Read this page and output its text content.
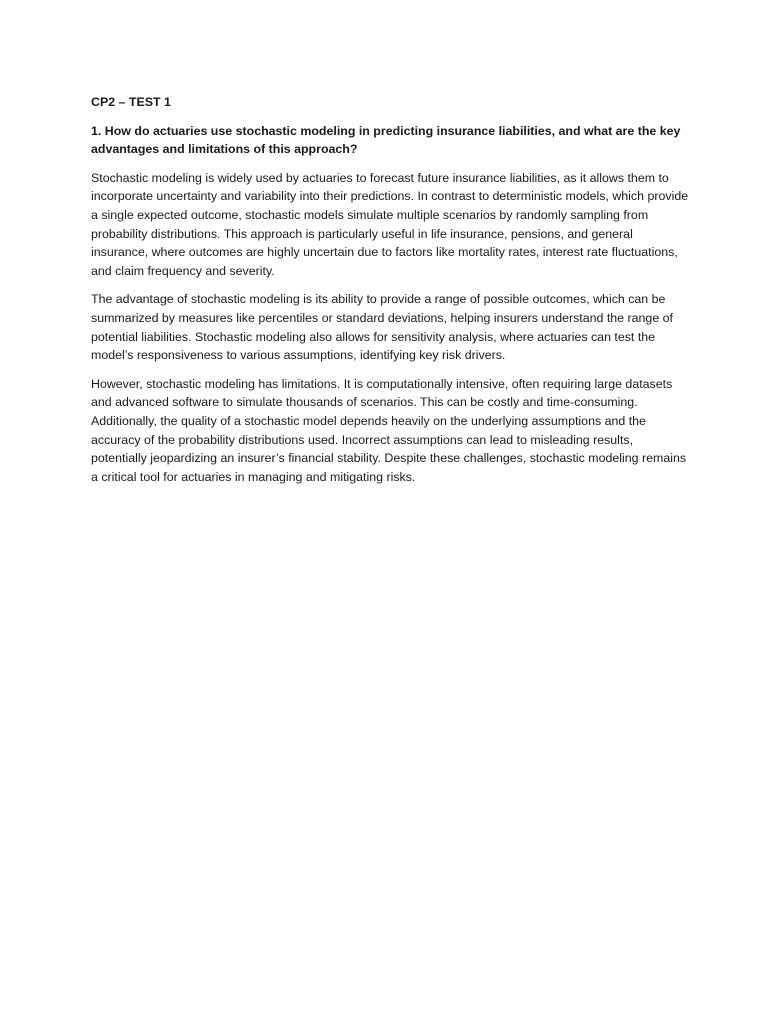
CP2 – TEST 1

1. How do actuaries use stochastic modeling in predicting insurance liabilities, and what are the key advantages and limitations of this approach?

Stochastic modeling is widely used by actuaries to forecast future insurance liabilities, as it allows them to incorporate uncertainty and variability into their predictions. In contrast to deterministic models, which provide a single expected outcome, stochastic models simulate multiple scenarios by randomly sampling from probability distributions. This approach is particularly useful in life insurance, pensions, and general insurance, where outcomes are highly uncertain due to factors like mortality rates, interest rate fluctuations, and claim frequency and severity.

The advantage of stochastic modeling is its ability to provide a range of possible outcomes, which can be summarized by measures like percentiles or standard deviations, helping insurers understand the range of potential liabilities. Stochastic modeling also allows for sensitivity analysis, where actuaries can test the model’s responsiveness to various assumptions, identifying key risk drivers.

However, stochastic modeling has limitations. It is computationally intensive, often requiring large datasets and advanced software to simulate thousands of scenarios. This can be costly and time-consuming. Additionally, the quality of a stochastic model depends heavily on the underlying assumptions and the accuracy of the probability distributions used. Incorrect assumptions can lead to misleading results, potentially jeopardizing an insurer’s financial stability. Despite these challenges, stochastic modeling remains a critical tool for actuaries in managing and mitigating risks.
